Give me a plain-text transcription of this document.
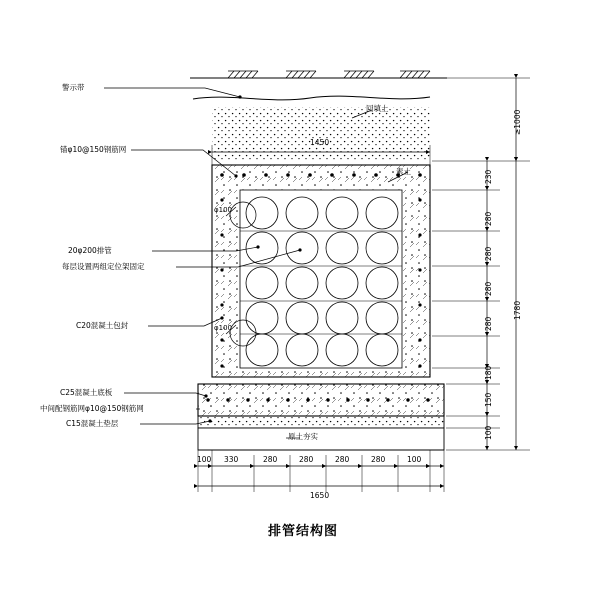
警示带
锚φ10@150钢筋网
20φ200排管
每层设置两组定位架固定
C20混凝土包封
C25混凝土底板
中间配钢筋网φ10@150钢筋网
C15混凝土垫层
回填土
素土
原土夯实
φ100
φ100
1450
1650
100 330	280	280	280	280	100
230
280
280
280
280
180
150
100
1780
≥1000
排管结构图
